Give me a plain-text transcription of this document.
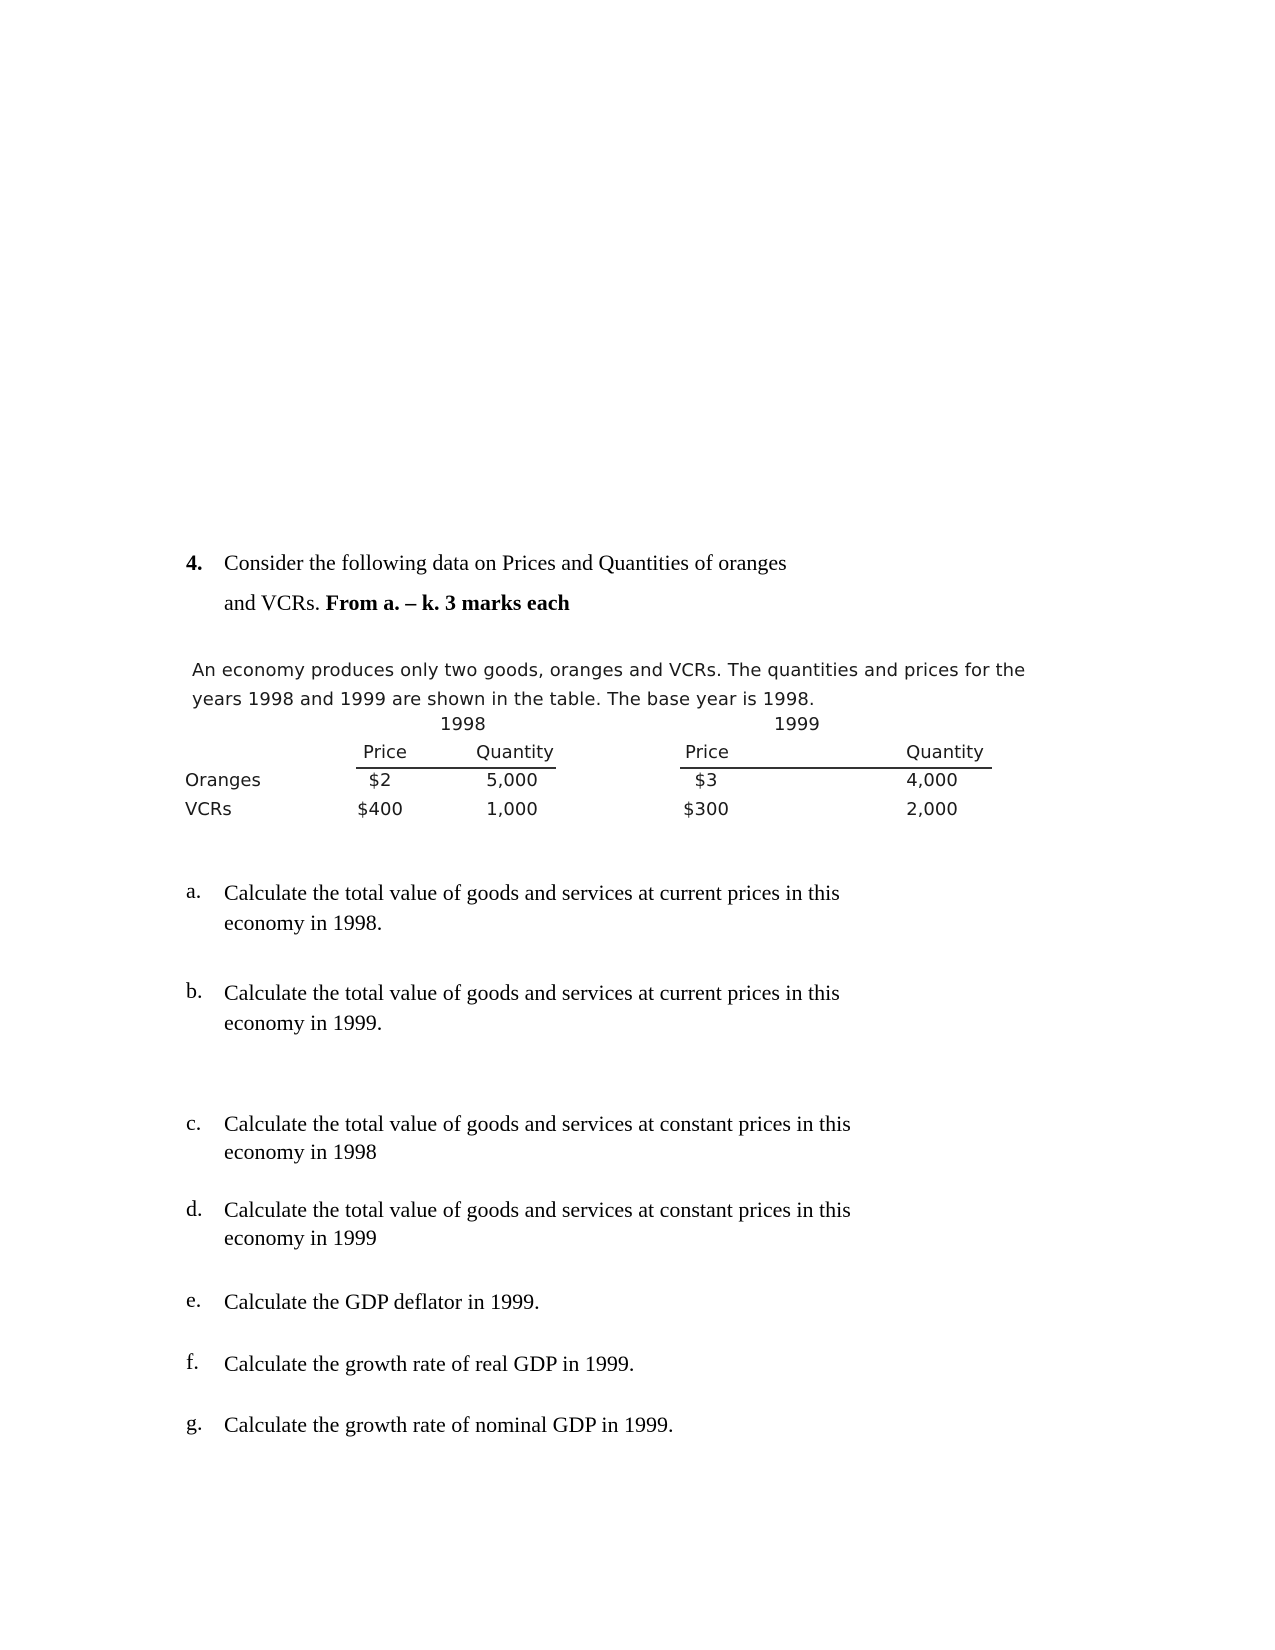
4. Consider the following data on Prices and Quantities of oranges
and VCRs. From a. – k. 3 marks each
An economy produces only two goods, oranges and VCRs. The quantities and prices for the
years 1998 and 1999 are shown in the table. The base year is 1998.
1998	1999
Price	Quantity	Price	Quantity
Oranges	$2	5,000	$3	4,000
VCRs	$400	1,000	$300	2,000
a.	Calculate the total value of goods and services at current prices in this
economy in 1998.
b. Calculate the total value of goods and services at current prices in this
economy in 1999.
c.	Calculate the total value of goods and services at constant prices in this
economy in 1998
d. Calculate the total value of goods and services at constant prices in this
economy in 1999
e.	Calculate the GDP deflator in 1999.
f.	Calculate the growth rate of real GDP in 1999.
g. Calculate the growth rate of nominal GDP in 1999.
